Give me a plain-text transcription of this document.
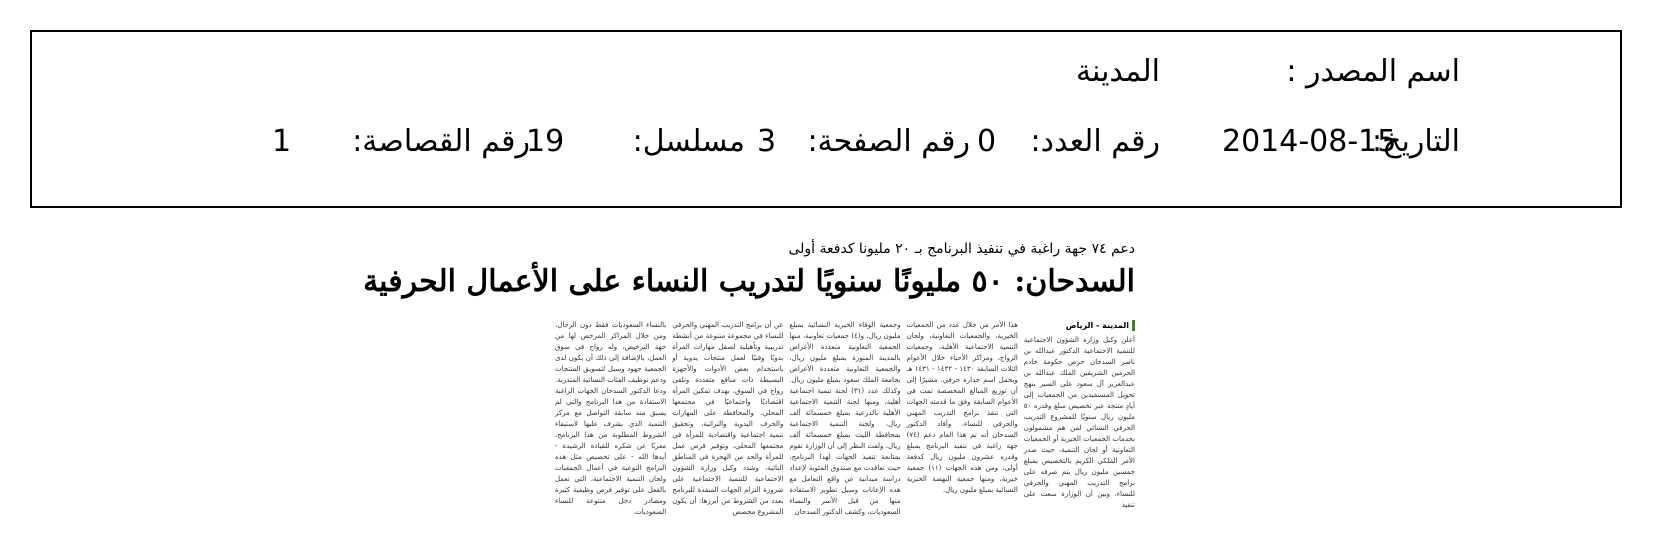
اسم المصدر :
المدينة
التاريخ:
2014-08-15
رقم العدد:
0
رقم الصفحة:
3
مسلسل:
19
رقم القصاصة:
1
دعم ٧٤ جهة راغبة في تنفيذ البرنامج بـ ٢٠ مليونا كدفعة أولى
السدحان: ٥٠ مليونًا سنويًا لتدريب النساء على الأعمال الحرفية
المدينة - الرياض
أعلن وكيل وزارة الشؤون الاجتماعية للتنمية الاجتماعية الدكتور عبدالله بن ناصر السدحان حرص حكومة خادم الحرمين الشريفين الملك عبدالله بن عبدالعزيز آل سعود على السير بنهج تحويل المستفيدين من الجمعيات إلى أيادٍ منتجة عبر تخصيص مبلغ وقدره ٥٠ مليون ريال سنويًا للمشروع التدريب الحرفي النسائي لمن هم مشمولون بخدمات الجمعيات الخيرية أو الجمعيات التعاونية أو لجان التنمية، حيث صدر الأمر الملكي الكريم بالتخصيص بمبلغ خمسين مليون ريال يتم صرفه على برامج التدريب المهني والحرفي للنساء، وبين أن الوزارة سعت على تنفيذ
هذا الأمر من خلال عدد من الجمعيات الخيرية، والجمعيات التعاونية، ولجان التنمية الاجتماعية الأهلية، وجمعيات الزواج، ومراكز الأحياء خلال الأعوام الثلاث السابقة ١٤٣٠ - ١٤٣٢ - ١٤٣١ هـ ويحمل اسم جدارة حرفي. مشيرًا إلى أن توزيع المبالغ المخصصة تمت في الأعوام السابقة وفق ما قدمته الجهات التي تنفذ برامج التدريب المهني والحرفي للنساء، وأفاد الدكتور السدحان أنه تم هذا العام دعم (٧٤) جهة راغبة في تنفيذ البرنامج بمبلغ وقدره عشرون مليون ريال كدفعة أولى، ومن هذه الجهات (١١) جمعية خيرية، ومنها جمعية النهضة الخيرية النسائية بمبلغ مليون ريال.
وجمعية الوفاء الخيرية النسائية بمبلغ مليون ريال، و(٤) جمعيات تعاونية، منها الجمعية التعاونية متعددة الأغراض بالمدينة المنورة بمبلغ مليون ريال، والجمعية التعاونية متعددة الأغراض بجامعة الملك سعود بمبلغ مليون ريال. وكذلك عدد (٣١) لجنة تنمية اجتماعية أهلية، ومنها لجنة التنمية الاجتماعية الأهلية بالدرعية بمبلغ خمسمائة ألف ريال، ولجنة التنمية الاجتماعية بمحافظة الليث بمبلغ خمسمائة ألف ريال، ولفت النظر إلى أن الوزارة تقوم بمتابعة تنفيذ الجهات لهذا البرنامج، حيث تعاقدت مع صندوق المئوية لإعداد دراسة ميدانية عن واقع التعامل مع هذه الإعانات وسبل تطوير الاستفادة منها من قبل الأسر والنساء السعوديات، وكشف الدكتور السدحان
عن أن برامج التدريب المهني والحرفي للنساء في مجموعة متنوعة من أنشطة تدريبية وتأهيلية لصقل مهارات المرأة بدويًا وفنيًا لعمل منتجات يدوية أو باستخدام بعض الأدوات والأجهزة البسيطة ذات منافع متعددة وتلقى رواج في السوق، بهدف تمكين المرأة اقتصاديًا واجتماعيًا في مجتمعها المحلي، والمحافظة على المهارات والحرف اليدوية والتراثية، وتحقيق تنمية اجتماعية واقتصادية للمرأة في مجتمعها المحلي، وتوفير فرص عمل للمرأة والحد من الهجرة في المناطق النائية، وشدد وكيل وزارة الشؤون الاجتماعية للتنمية الاجتماعية على ضرورة التزام الجهات المنفذة للبرنامج بعدد من الشروط من أبرزها: أن يكون المشروع مخصص
بالنساء السعوديات فقط دون الرجال، ومن خلال المراكز المرخص لها من جهة الترخيص، وله رواج في سوق العمل، بالإضافة إلى ذلك أن يكون لدى الجمعية جهود وسبل لتسويق المنتجات ودعم توظيف الفئات النسائية المتدربة. ودعا الدكتور السدحان الجهات الراغبة الاستفادة من هذا البرنامج والتي لم يسبق منه سابقة التواصل مع مركز التنمية الذي يشرف عليها لاستيفاء الشروط المطلوبة من هذا البرنامج، معربًا عن شكره للقيادة الرشيدة - أيدها الله - على تخصيص مثل هذه البرامج النوعية في أعمال الجمعيات ولجان التنمية الاجتماعية، التي تعمل بالفعل على توفير فرص وظيفية كثيرة ومصادر دخل متنوعة للنساء السعوديات.
